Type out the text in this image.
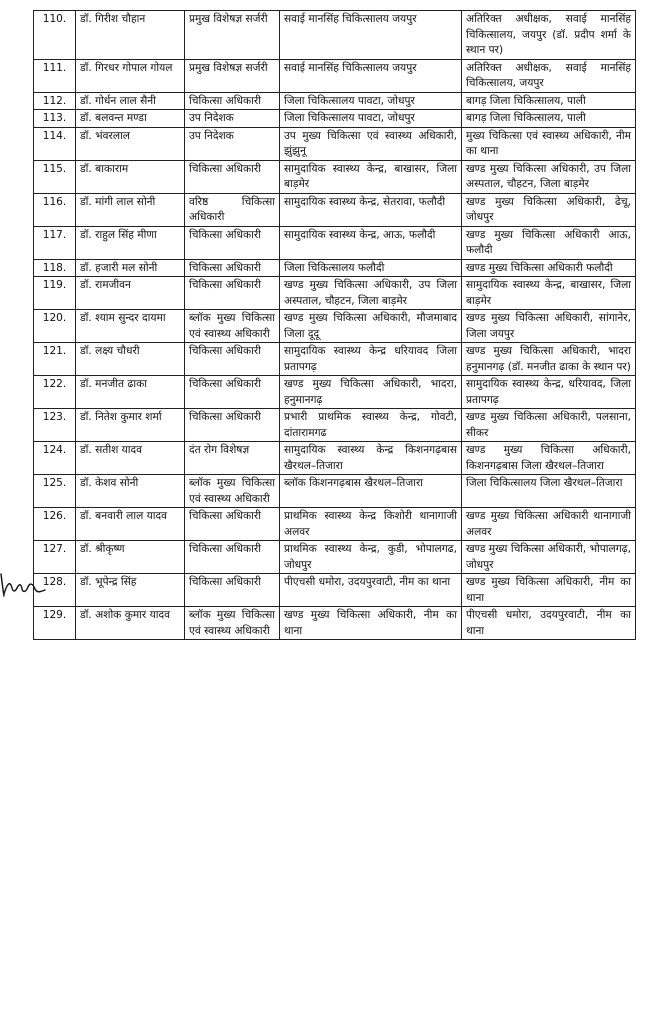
110.	डॉ. गिरीश चौहान	प्रमुख विशेषज्ञ सर्जरी	सवाई मानसिंह चिकित्सालय जयपुर	अतिरिक्त अधीक्षक, सवाई मानसिंह चिकित्सालय, जयपुर (डॉ. प्रदीप शर्मा के स्थान पर)
111.	डॉ. गिरधर गोपाल गोयल	प्रमुख विशेषज्ञ सर्जरी	सवाई मानसिंह चिकित्सालय जयपुर	अतिरिक्त अधीक्षक, सवाई मानसिंह चिकित्सालय, जयपुर
112.	डॉ. गोर्धन लाल सैनी	चिकित्सा अधिकारी	जिला चिकित्सालय पावटा, जोधपुर	बागड़ जिला चिकित्सालय, पाली
113.	डॉ. बलवन्त मण्डा	उप निदेशक	जिला चिकित्सालय पावटा, जोधपुर	बागड़ जिला चिकित्सालय, पाली
114.	डॉ. भंवरलाल	उप निदेशक	उप मुख्य चिकित्सा एवं स्वास्थ्य अधिकारी, झुंझुनू	मुख्य चिकित्सा एवं स्वास्थ्य अधिकारी, नीम का थाना
115.	डॉ. बाकाराम	चिकित्सा अधिकारी	सामुदायिक स्वास्थ्य केन्द्र, बाखासर, जिला बाड़मेर	खण्ड मुख्य चिकित्सा अधिकारी, उप जिला अस्पताल, चौहटन, जिला बाड़मेर
116.	डॉ. मांगी लाल सोनी	वरिष्ठ चिकित्सा अधिकारी	सामुदायिक स्वास्थ्य केन्द्र, सेतरावा, फलौदी	खण्ड मुख्य चिकित्सा अधिकारी, ढेचू, जोधपुर
117.	डॉ. राहुल सिंह मीणा	चिकित्सा अधिकारी	सामुदायिक स्वास्थ्य केन्द्र, आऊ, फलौदी	खण्ड मुख्य चिकित्सा अधिकारी आऊ, फलौदी
118.	डॉ. हजारी मल सोनी	चिकित्सा अधिकारी	जिला चिकित्सालय फलौदी	खण्ड मुख्य चिकित्सा अधिकारी फलौदी
119.	डॉ. रामजीवन	चिकित्सा अधिकारी	खण्ड मुख्य चिकित्सा अधिकारी, उप जिला अस्पताल, चौहटन, जिला बाड़मेर	सामुदायिक स्वास्थ्य केन्द्र, बाखासर, जिला बाड़मेर
120.	डॉ. श्याम सुन्दर दायमा	ब्लॉक मुख्य चिकित्सा एवं स्वास्थ्य अधिकारी	खण्ड मुख्य चिकित्सा अधिकारी, मौजमाबाद जिला दूदू	खण्ड मुख्य चिकित्सा अधिकारी, सांगानेर, जिला जयपुर
121.	डॉ. लक्ष्य चौधरी	चिकित्सा अधिकारी	सामुदायिक स्वास्थ्य केन्द्र धरियावद जिला प्रतापगढ़	खण्ड मुख्य चिकित्सा अधिकारी, भादरा हनुमानगढ़ (डॉ. मनजीत ढाका के स्थान पर)
122.	डॉ. मनजीत ढाका	चिकित्सा अधिकारी	खण्ड मुख्य चिकित्सा अधिकारी, भादरा, हनुमानगढ़	सामुदायिक स्वास्थ्य केन्द्र, धरियावद, जिला प्रतापगढ़
123.	डॉ. नितेश कुमार शर्मा	चिकित्सा अधिकारी	प्रभारी प्राथमिक स्वास्थ्य केन्द्र, गोवटी, दांतारामगढ	खण्ड मुख्य चिकित्सा अधिकारी, पलसाना, सीकर
124.	डॉ. सतीश यादव	दंत रोग विशेषज्ञ	सामुदायिक स्वास्थ्य केन्द्र किशनगढ़बास खैरथल–तिजारा	खण्ड मुख्य चिकित्सा अधिकारी, किशनगढ़बास जिला खैरथल–तिजारा
125.	डॉ. केशव सोनी	ब्लॉक मुख्य चिकित्सा एवं स्वास्थ्य अधिकारी	ब्लॉक किशनगढ़बास खैरथल–तिजारा	जिला चिकित्सालय जिला खैरथल–तिजारा
126.	डॉ. बनवारी लाल यादव	चिकित्सा अधिकारी	प्राथमिक स्वास्थ्य केन्द्र किशोरी थानागाजी अलवर	खण्ड मुख्य चिकित्सा अधिकारी थानागाजी अलवर
127.	डॉ. श्रीकृष्ण	चिकित्सा अधिकारी	प्राथमिक स्वास्थ्य केन्द्र, कुडी, भोपालगढ, जोधपुर	खण्ड मुख्य चिकित्सा अधिकारी, भोपालगढ़, जोधपुर
128.	डॉ. भूपेन्द्र सिंह	चिकित्सा अधिकारी	पीएचसी धमोरा, उदयपुरवाटी, नीम का थाना	खण्ड मुख्य चिकित्सा अधिकारी, नीम का थाना
129.	डॉ. अशोक कुमार यादव	ब्लॉक मुख्य चिकित्सा एवं स्वास्थ्य अधिकारी	खण्ड मुख्य चिकित्सा अधिकारी, नीम का थाना	पीएचसी धमोरा, उदयपुरवाटी, नीम का थाना
